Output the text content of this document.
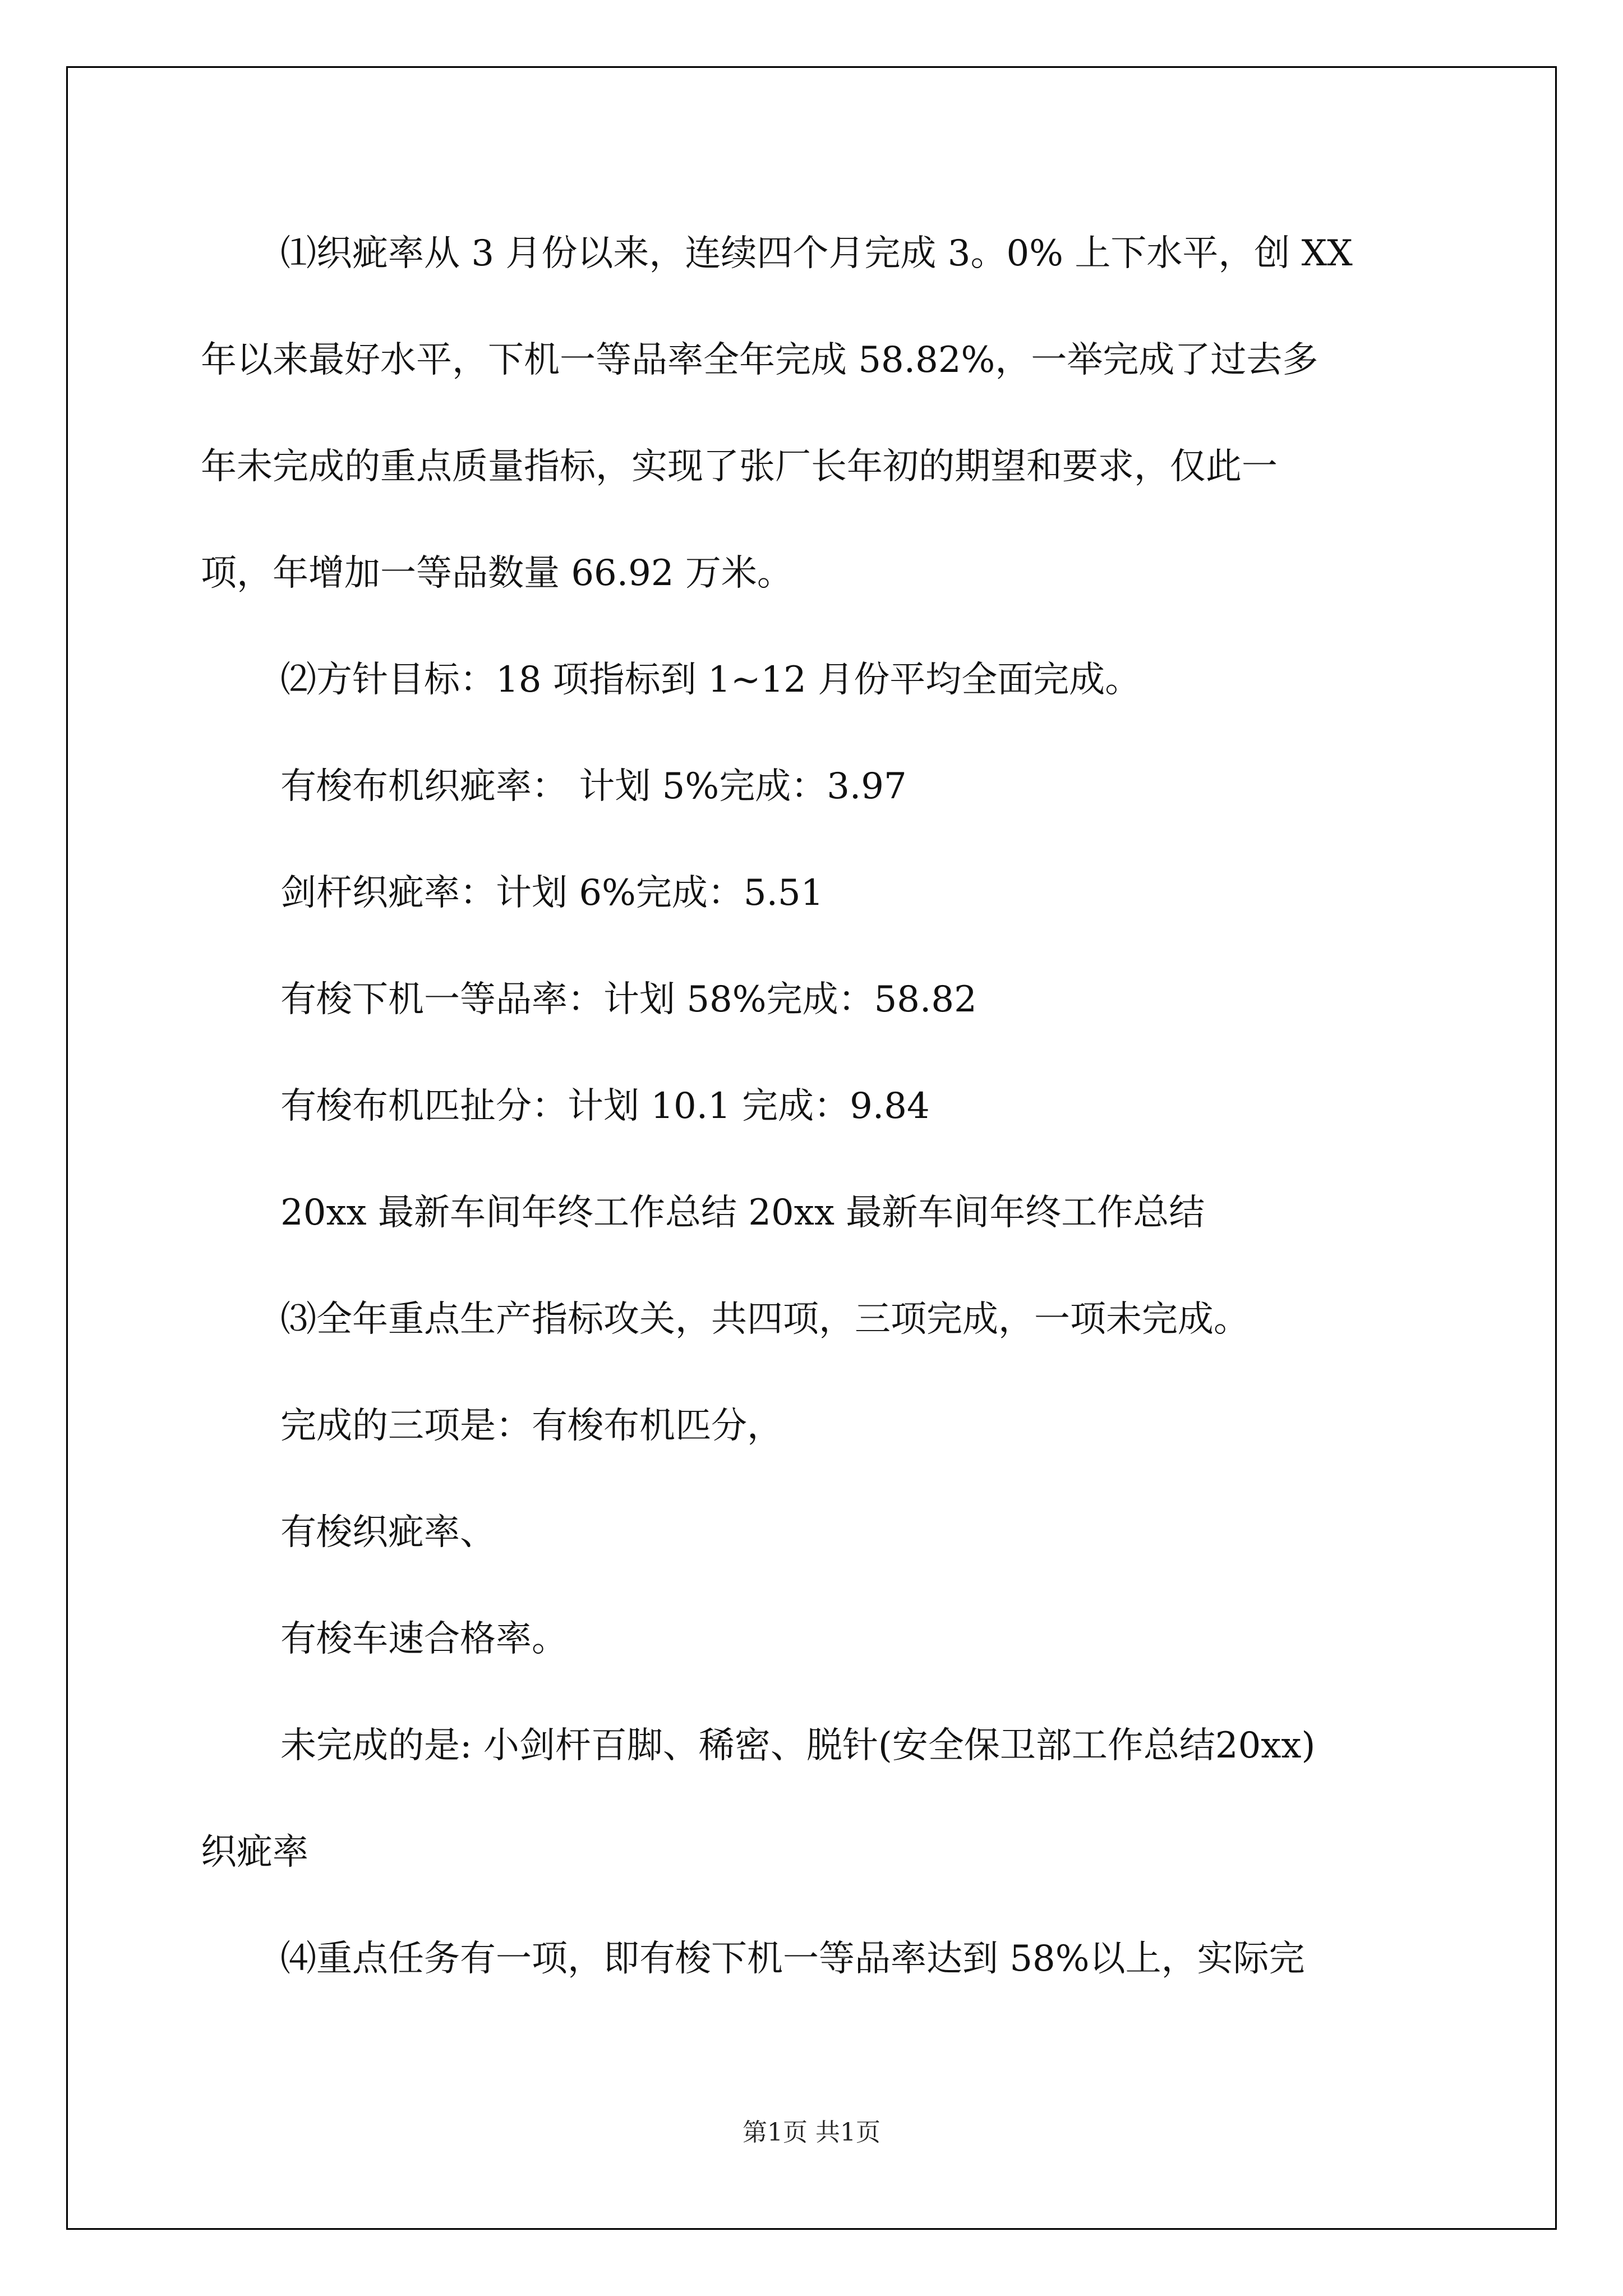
⑴织疵率从 3 月份以来，连续四个月完成 3。0% 上下水平，创 XX
年以来最好水平，下机一等品率全年完成 58.82%，一举完成了过去多
年未完成的重点质量指标，实现了张厂长年初的期望和要求，仅此一
项，年增加一等品数量 66.92 万米。
⑵方针目标：18 项指标到 1~12 月份平均全面完成。
有梭布机织疵率： 计划 5%完成：3.97
剑杆织疵率：计划 6%完成：5.51
有梭下机一等品率：计划 58%完成：58.82
有梭布机匹扯分：计划 10.1 完成：9.84
20xx 最新车间年终工作总结 20xx 最新车间年终工作总结
⑶全年重点生产指标攻关，共四项，三项完成，一项未完成。
完成的三项是：有梭布机匹分，
有梭织疵率、
有梭车速合格率。
未完成的是: 小剑杆百脚、稀密、脱针(安全保卫部工作总结20xx)
织疵率
⑷重点任务有一项，即有梭下机一等品率达到 58%以上，实际完
第1页 共1页
